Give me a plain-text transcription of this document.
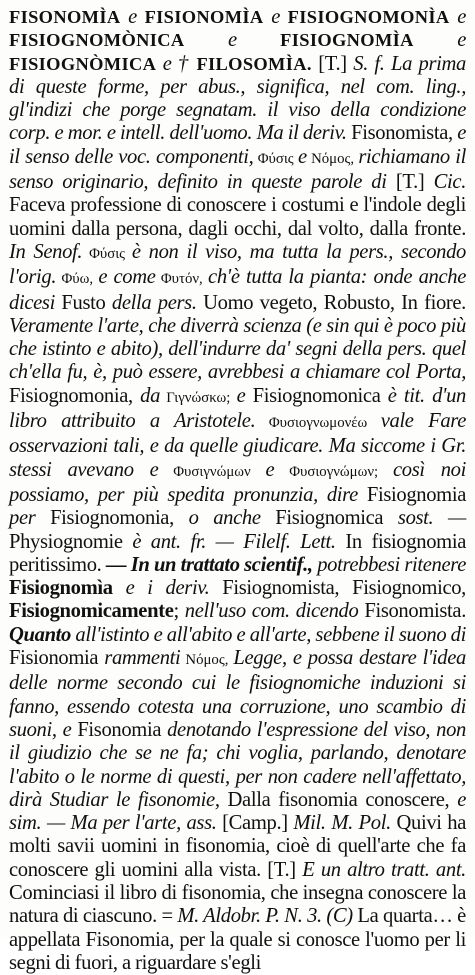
FISONOMÌA e FISIONOMÌA e FISIOGNOMONÌA e FISIOGNOMÒNICA e FISIOGNOMÌA e FISIOGNÒMICA e † FILOSOMÌA. [T.] S. f. La prima di queste forme, per abus., significa, nel com. ling., gl'indizi che porge segnatam. il viso della condizione corp. e mor. e intell. dell'uomo. Ma il deriv. Fisonomista, e il senso delle voc. componenti, Φύσις e Νόμος, richiamano il senso originario, definito in queste parole di [T.] Cic. Faceva professione di conoscere i costumi e l'indole degli uomini dalla persona, dagli occhi, dal volto, dalla fronte. In Senof. Φύσις è non il viso, ma tutta la pers., secondo l'orig. Φύω, e come Φυτόν, ch'è tutta la pianta: onde anche dicesi Fusto della pers. Uomo vegeto, Robusto, In fiore. Veramente l'arte, che diverrà scienza (e sin qui è poco più che istinto e abito), dell'indurre da' segni della pers. quel ch'ella fu, è, può essere, avrebbesi a chiamare col Porta, Fisiognomonia, da Γιγνώσκω; e Fisiognomonica è tit. d'un libro attribuito a Aristotele. Φυσιογνωμονέω vale Fare osservazioni tali, e da quelle giudicare. Ma siccome i Gr. stessi avevano e Φυσιγνώμων e Φυσιογνώμων; così noi possiamo, per più spedita pronunzia, dire Fisiognomia per Fisiognomonia, o anche Fisiognomica sost. — Physiognomie è ant. fr. — Filelf. Lett. In fisiognomia peritissimo. — In un trattato scientif., potrebbesi ritenere Fisiognomìa e i deriv. Fisiognomista, Fisiognomico, Fisiognomicamente; nell'uso com. dicendo Fisonomista. Quanto all'istinto e all'abito e all'arte, sebbene il suono di Fisionomia rammenti Νόμος, Legge, e possa destare l'idea delle norme secondo cui le fisiognomiche induzioni si fanno, essendo cotesta una corruzione, uno scambio di suoni, e Fisonomia denotando l'espressione del viso, non il giudizio che se ne fa; chi voglia, parlando, denotare l'abito o le norme di questi, per non cadere nell'affettato, dirà Studiar le fisonomie, Dalla fisonomia conoscere, e sim. — Ma per l'arte, ass. [Camp.] Mil. M. Pol. Quivi ha molti savii uomini in fisonomia, cioè di quell'arte che fa conoscere gli uomini alla vista. [T.] E un altro tratt. ant. Cominciasi il libro di fisonomia, che insegna conoscere la natura di ciascuno. = M. Aldobr. P. N. 3. (C) La quarta… è appellata Fisonomia, per la quale si conosce l'uomo per li segni di fuori, a riguardare s'egli
